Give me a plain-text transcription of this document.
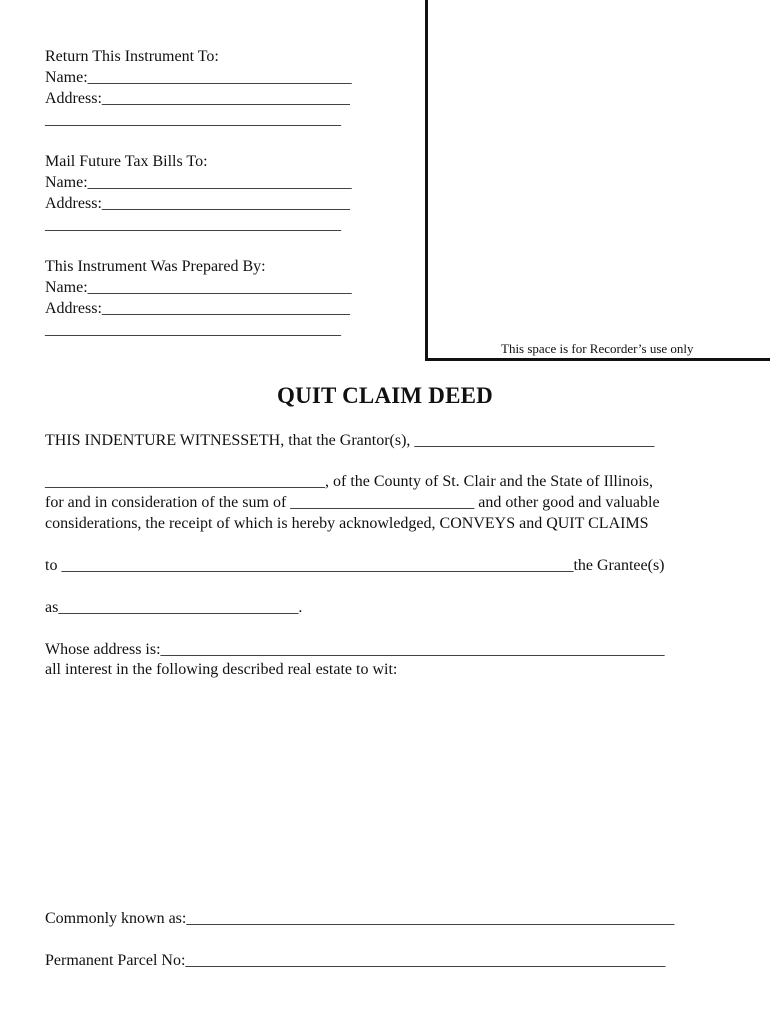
Return This Instrument To:
Name:_________________________________
Address:_______________________________
_____________________________________
Mail Future Tax Bills To:
Name:_________________________________
Address:_______________________________
_____________________________________
This Instrument Was Prepared By:
Name:_________________________________
Address:_______________________________
_____________________________________
This space is for Recorder’s use only
QUIT CLAIM DEED
THIS INDENTURE WITNESSETH, that the Grantor(s), ______________________________
___________________________________, of the County of St. Clair and the State of Illinois,
for and in consideration of the sum of _______________________ and other good and valuable
considerations, the receipt of which is hereby acknowledged, CONVEYS and QUIT CLAIMS
to ________________________________________________________________the Grantee(s)
as______________________________.
Whose address is:_______________________________________________________________
all interest in the following described real estate to wit:
Commonly known as:_____________________________________________________________
Permanent Parcel No:____________________________________________________________
